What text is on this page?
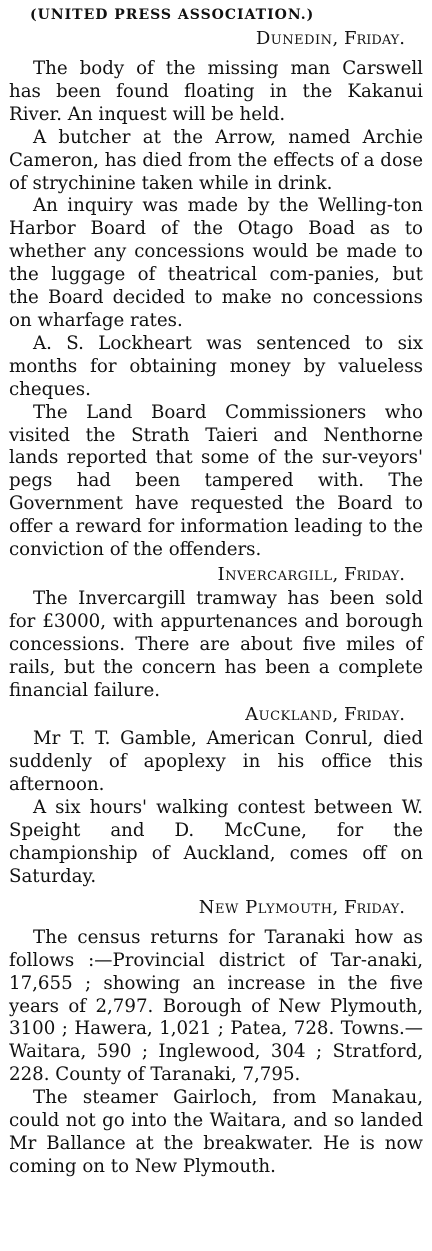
(UNITED PRESS ASSOCIATION.)
Dunedin, Friday.

The body of the missing man Carswell has been found floating in the Kakanui River. An inquest will be held.

A butcher at the Arrow, named Archie Cameron, has died from the effects of a dose of strychinine taken while in drink.

An inquiry was made by the Welling-ton Harbor Board of the Otago Boad as to whether any concessions would be made to the luggage of theatrical com-panies, but the Board decided to make no concessions on wharfage rates.

A. S. Lockheart was sentenced to six months for obtaining money by valueless cheques.

The Land Board Commissioners who visited the Strath Taieri and Nenthorne lands reported that some of the sur-veyors' pegs had been tampered with. The Government have requested the Board to offer a reward for information leading to the conviction of the offenders.

Invercargill, Friday.

The Invercargill tramway has been sold for £3000, with appurtenances and borough concessions. There are about five miles of rails, but the concern has been a complete financial failure.

Auckland, Friday.

Mr T. T. Gamble, American Conrul, died suddenly of apoplexy in his office this afternoon.

A six hours' walking contest between W. Speight and D. McCune, for the championship of Auckland, comes off on Saturday.

New Plymouth, Friday.

The census returns for Taranaki how as follows :—Provincial district of Tar-anaki, 17,655 ; showing an increase in the five years of 2,797. Borough of New Plymouth, 3100 ; Hawera, 1,021 ; Patea, 728. Towns.—Waitara, 590 ; Inglewood, 304 ; Stratford, 228. County of Taranaki, 7,795.

The steamer Gairloch, from Manakau, could not go into the Waitara, and so landed Mr Ballance at the breakwater. He is now coming on to New Plymouth.
